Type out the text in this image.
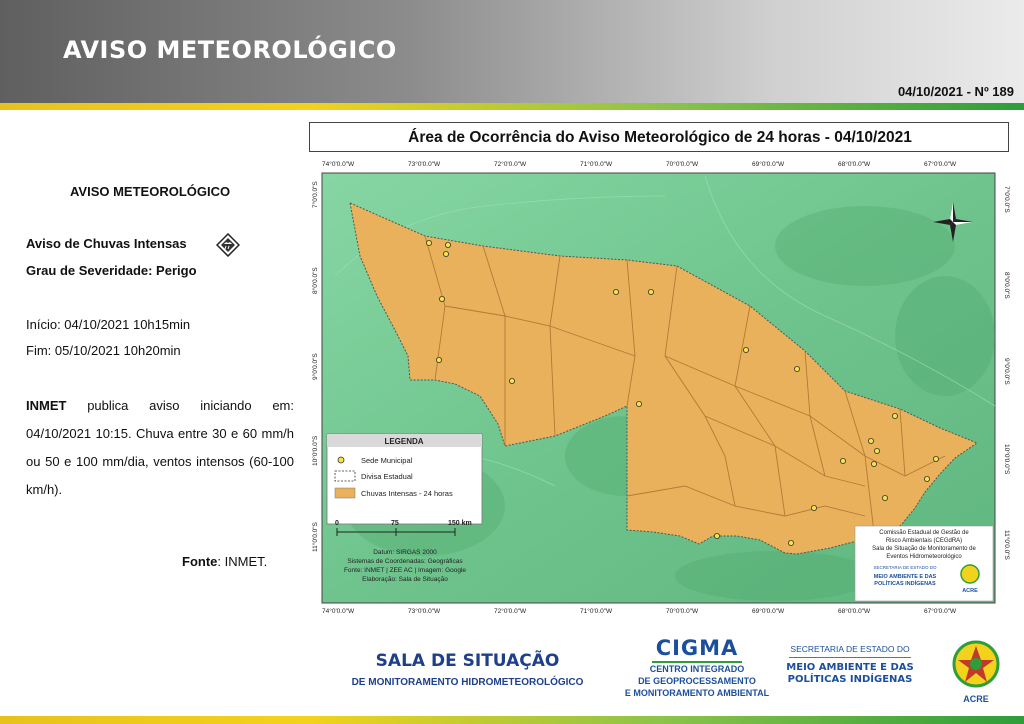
AVISO METEOROLÓGICO
04/10/2021 - Nº 189
AVISO METEOROLÓGICO
Aviso de Chuvas Intensas
Grau de Severidade: Perigo
Início: 04/10/2021 10h15min
Fim: 05/10/2021 10h20min
INMET publica aviso iniciando em: 04/10/2021 10:15. Chuva entre 30 e 60 mm/h ou 50 e 100 mm/dia, ventos intensos (60-100 km/h).
Fonte: INMET.
Área de Ocorrência do Aviso Meteorológico de 24 horas - 04/10/2021
74°0'0.0"W	73°0'0.0"W	72°0'0.0"W	71°0'0.0"W	70°0'0.0"W	69°0'0.0"W	68°0'0.0"W	67°0'0.0"W
74°0'0.0"W	73°0'0.0"W	72°0'0.0"W	71°0'0.0"W	70°0'0.0"W	69°0'0.0"W	68°0'0.0"W	67°0'0.0"W
7°0'0.0"S
8°0'0.0"S
9°0'0.0"S
10°0'0.0"S
11°0'0.0"S
7°0'0.0"S
8°0'0.0"S
9°0'0.0"S
10°0'0.0"S
11°0'0.0"S
LEGENDA
Sede Municipal
Divisa Estadual
Chuvas Intensas - 24 horas
0	75	150 km
Datum: SIRGAS 2000
Sistemas de Coordenadas: Geográficas
Fonte: INMET | ZEE AC | Imagem: Google
Elaboração: Sala de Situação
Comissão Estadual de Gestão de
Risco Ambientais (CEGdRA)
Sala de Situação de Monitoramento de
Eventos Hidrometeorológico
SECRETARIA DE ESTADO DO
MEIO AMBIENTE E DAS
POLÍTICAS INDÍGENAS
ACRE
SALA DE SITUAÇÃO
DE MONITORAMENTO HIDROMETEOROLÓGICO
CIGMA
CENTRO INTEGRADO
DE GEOPROCESSAMENTO
E MONITORAMENTO AMBIENTAL
SECRETARIA DE ESTADO DO
MEIO AMBIENTE E DAS
POLÍTICAS INDÍGENAS
ACRE
